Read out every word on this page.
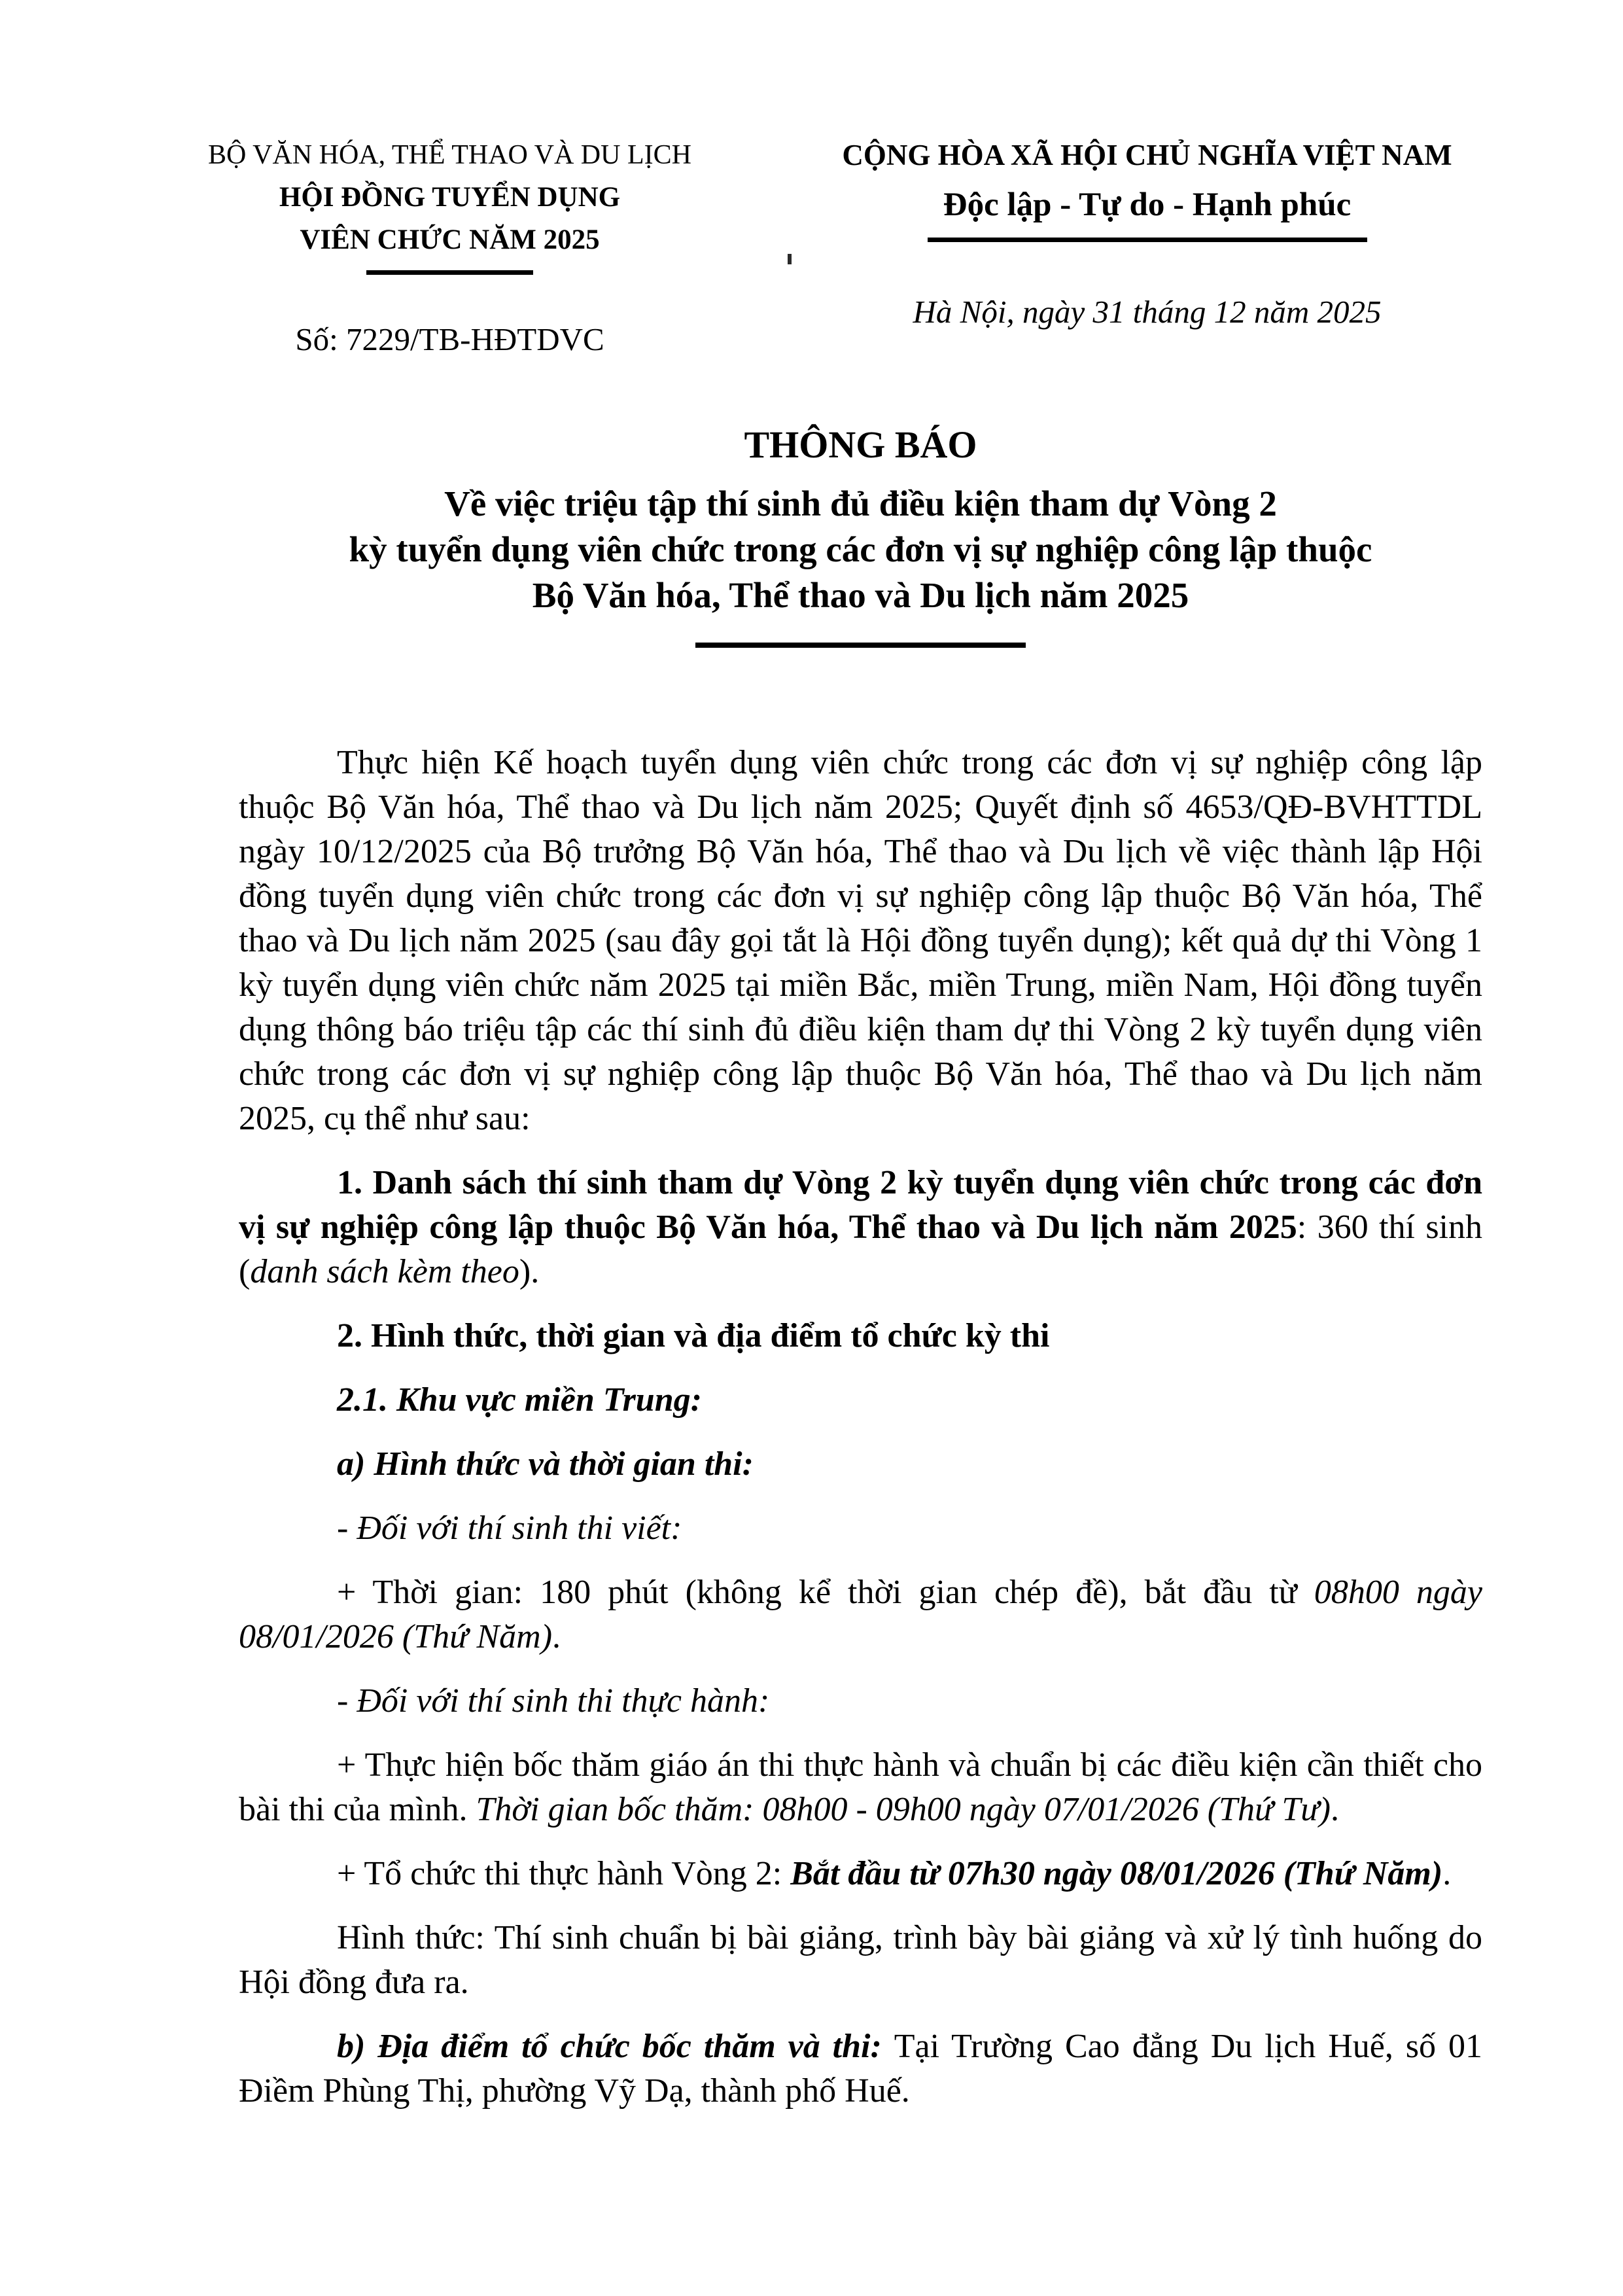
BỘ VĂN HÓA, THỂ THAO VÀ DU LỊCH
HỘI ĐỒNG TUYỂN DỤNG
VIÊN CHỨC NĂM 2025
Số: 7229/TB-HĐTDVC
CỘNG HÒA XÃ HỘI CHỦ NGHĨA VIỆT NAM
Độc lập - Tự do - Hạnh phúc
Hà Nội, ngày 31 tháng 12 năm 2025
THÔNG BÁO
Về việc triệu tập thí sinh đủ điều kiện tham dự Vòng 2
kỳ tuyển dụng viên chức trong các đơn vị sự nghiệp công lập thuộc
Bộ Văn hóa, Thể thao và Du lịch năm 2025

Thực hiện Kế hoạch tuyển dụng viên chức trong các đơn vị sự nghiệp công lập thuộc Bộ Văn hóa, Thể thao và Du lịch năm 2025; Quyết định số 4653/QĐ-BVHTTDL ngày 10/12/2025 của Bộ trưởng Bộ Văn hóa, Thể thao và Du lịch về việc thành lập Hội đồng tuyển dụng viên chức trong các đơn vị sự nghiệp công lập thuộc Bộ Văn hóa, Thể thao và Du lịch năm 2025 (sau đây gọi tắt là Hội đồng tuyển dụng); kết quả dự thi Vòng 1 kỳ tuyển dụng viên chức năm 2025 tại miền Bắc, miền Trung, miền Nam, Hội đồng tuyển dụng thông báo triệu tập các thí sinh đủ điều kiện tham dự thi Vòng 2 kỳ tuyển dụng viên chức trong các đơn vị sự nghiệp công lập thuộc Bộ Văn hóa, Thể thao và Du lịch năm 2025, cụ thể như sau:

1. Danh sách thí sinh tham dự Vòng 2 kỳ tuyển dụng viên chức trong các đơn vị sự nghiệp công lập thuộc Bộ Văn hóa, Thể thao và Du lịch năm 2025: 360 thí sinh (danh sách kèm theo).

2. Hình thức, thời gian và địa điểm tổ chức kỳ thi

2.1. Khu vực miền Trung:

a) Hình thức và thời gian thi:

- Đối với thí sinh thi viết:

+ Thời gian: 180 phút (không kể thời gian chép đề), bắt đầu từ 08h00 ngày 08/01/2026 (Thứ Năm).

- Đối với thí sinh thi thực hành:

+ Thực hiện bốc thăm giáo án thi thực hành và chuẩn bị các điều kiện cần thiết cho bài thi của mình. Thời gian bốc thăm: 08h00 - 09h00 ngày 07/01/2026 (Thứ Tư).

+ Tổ chức thi thực hành Vòng 2: Bắt đầu từ 07h30 ngày 08/01/2026 (Thứ Năm).

Hình thức: Thí sinh chuẩn bị bài giảng, trình bày bài giảng và xử lý tình huống do Hội đồng đưa ra.

b) Địa điểm tổ chức bốc thăm và thi: Tại Trường Cao đẳng Du lịch Huế, số 01 Điềm Phùng Thị, phường Vỹ Dạ, thành phố Huế.
